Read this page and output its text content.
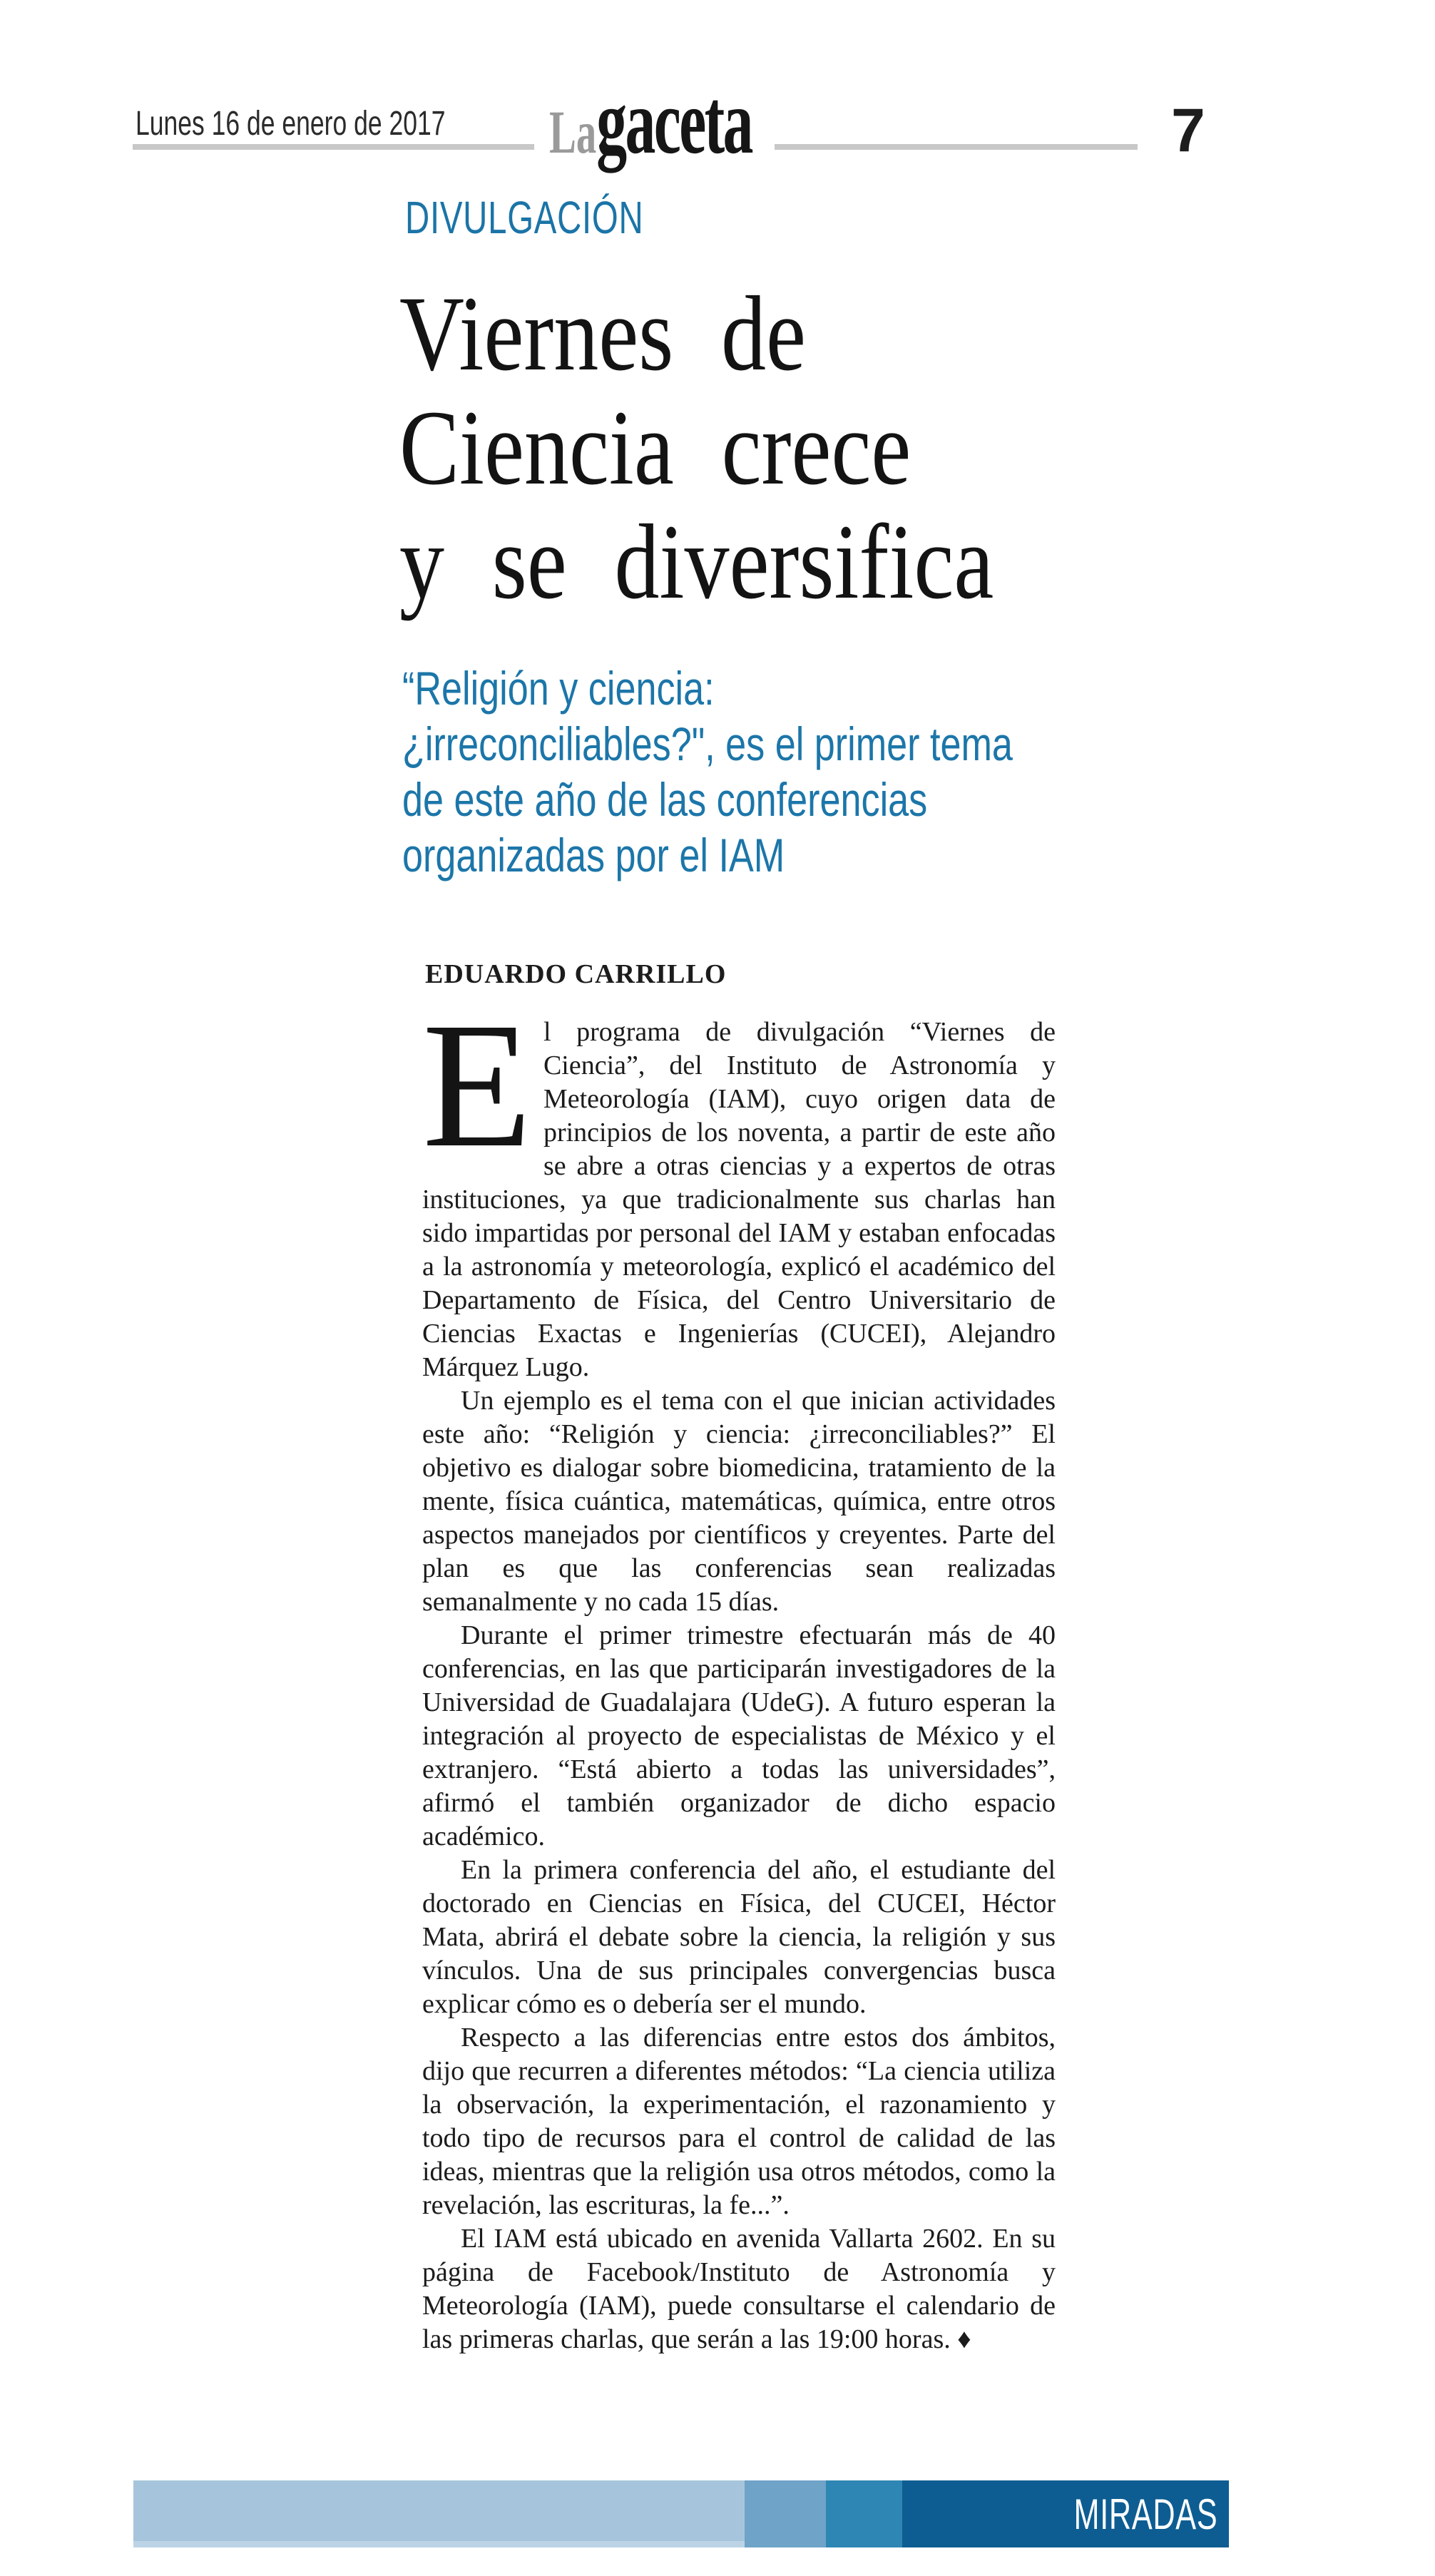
Lunes 16 de enero de 2017 Lagaceta	7
DIVULGACIÓN
Viernes de
Ciencia crece
y se diversifica
“Religión y ciencia:
¿irreconciliables?", es el primer tema
de este año de las conferencias
organizadas por el IAM
EDUARDO CARRILLO

El programa de divulgación “Viernes de Ciencia”, del Instituto de Astronomía y Meteorología (IAM), cuyo origen data de principios de los noventa, a partir de este año se abre a otras ciencias y a expertos de otras instituciones, ya que tradicionalmente sus charlas han sido impartidas por personal del IAM y estaban enfocadas a la astronomía y meteorología, explicó el académico del Departamento de Física, del Centro Universitario de Ciencias Exactas e Ingenierías (CUCEI), Alejandro Márquez Lugo.

Un ejemplo es el tema con el que inician actividades este año: “Religión y ciencia: ¿irreconciliables?” El objetivo es dialogar sobre biomedicina, tratamiento de la mente, física cuántica, matemáticas, química, entre otros aspectos manejados por científicos y creyentes. Parte del plan es que las conferencias sean realizadas semanalmente y no cada 15 días.

Durante el primer trimestre efectuarán más de 40 conferencias, en las que participarán investigadores de la Universidad de Guadalajara (UdeG). A futuro esperan la integración al proyecto de especialistas de México y el extranjero. “Está abierto a todas las universidades”, afirmó el también organizador de dicho espacio académico.

En la primera conferencia del año, el estudiante del doctorado en Ciencias en Física, del CUCEI, Héctor Mata, abrirá el debate sobre la ciencia, la religión y sus vínculos. Una de sus principales convergencias busca explicar cómo es o debería ser el mundo.

Respecto a las diferencias entre estos dos ámbitos, dijo que recurren a diferentes métodos: “La ciencia utiliza la observación, la experimentación, el razonamiento y todo tipo de recursos para el control de calidad de las ideas, mientras que la religión usa otros métodos, como la revelación, las escrituras, la fe...”.

El IAM está ubicado en avenida Vallarta 2602. En su página de Facebook/Instituto de Astronomía y Meteorología (IAM), puede consultarse el calendario de las primeras charlas, que serán a las 19:00 horas. ♦

MIRADAS
